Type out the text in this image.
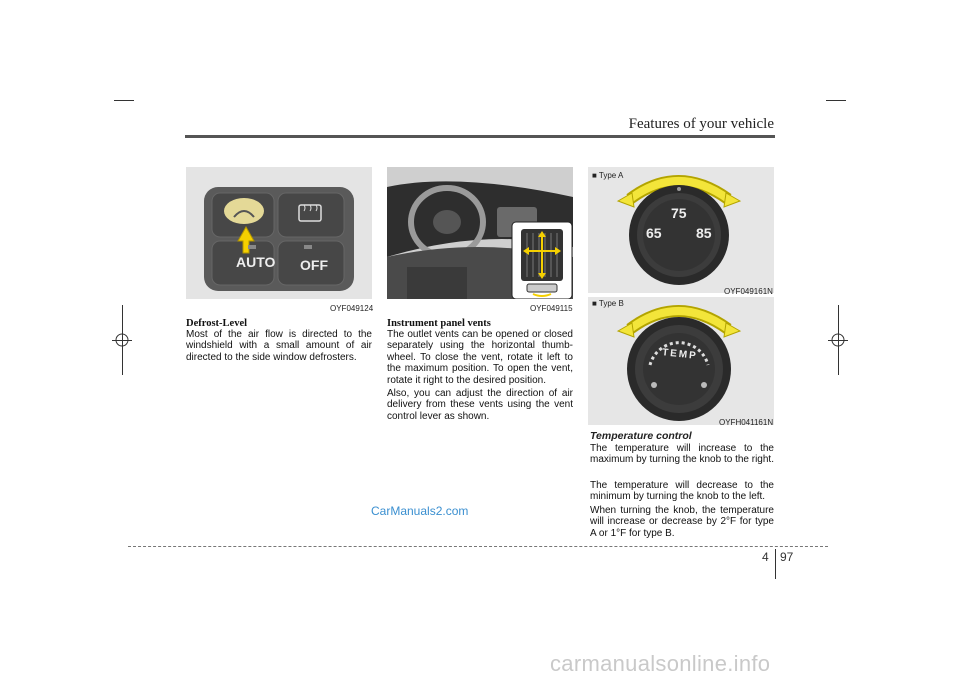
Features of your vehicle
AUTO OFF
OYF049124	OYF049115
75
65 85
■ Type A
OYF049161N
TEMP
■ Type B
OYFH041161N
Defrost-Level
Most of the air flow is directed to the windshield with a small amount of air directed to the side window defrosters.
Instrument panel vents
The outlet vents can be opened or closed separately using the horizontal thumb-wheel. To close the vent, rotate it left to the maximum position. To open the vent, rotate it right to the desired position.
Also, you can adjust the direction of air delivery from these vents using the vent control lever as shown.
Temperature control
The temperature will increase to the maximum by turning the knob to the right.
The temperature will decrease to the minimum by turning the knob to the left.
When turning the knob, the temperature will increase or decrease by 2°F for type A or 1°F for type B.
CarManuals2.com
4 97
carmanualsonline.info
